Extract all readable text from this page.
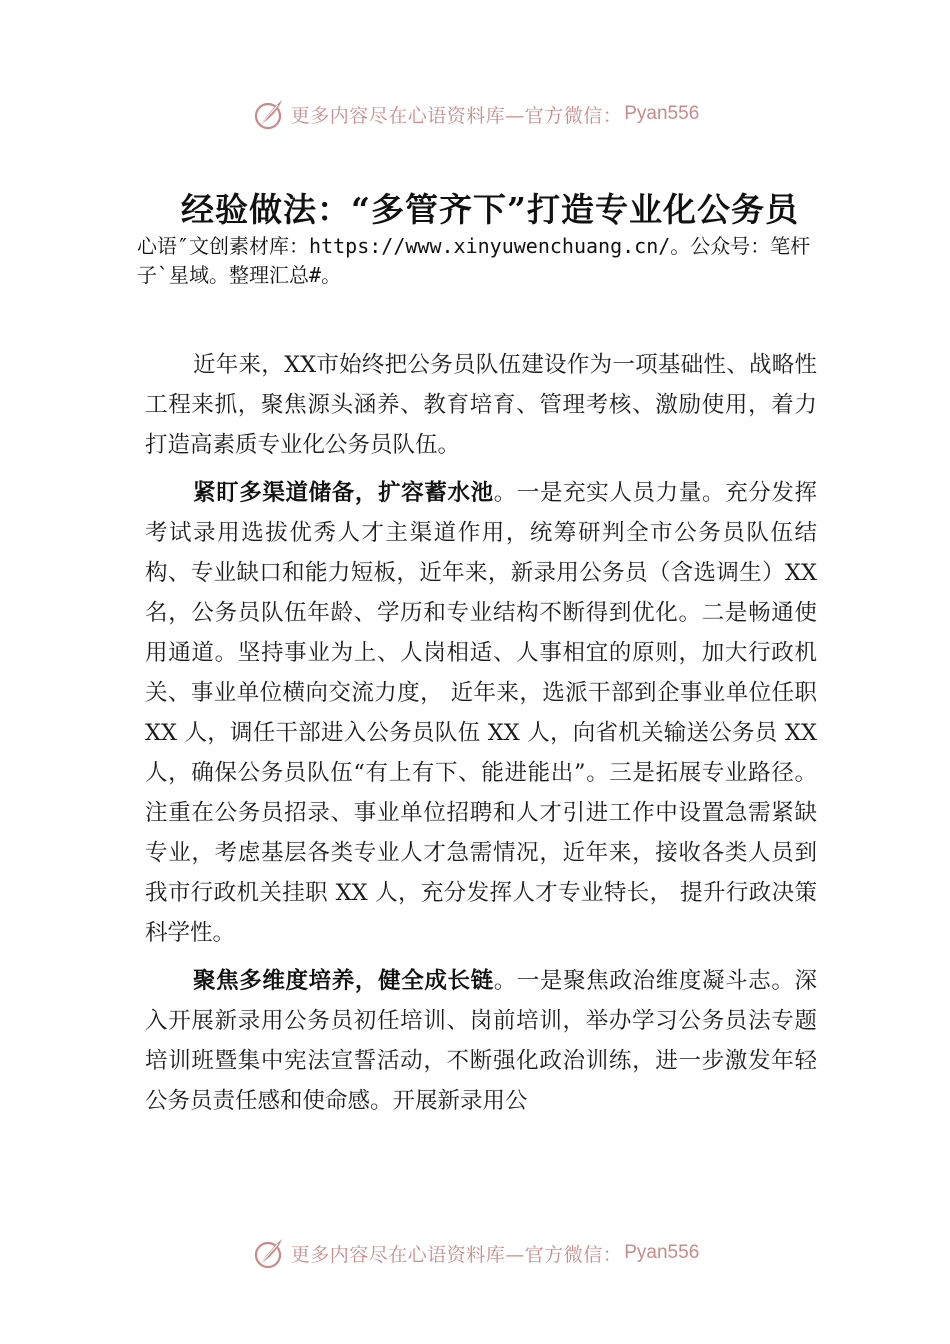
更多内容尽在心语资料库—官方微信： Pyan556
经验做法：“多管齐下”打造专业化公务员
心语″文创素材库：https://www.xinyuwenchuang.cn/。公众号：笔杆子`星域。整理汇总#。

近年来，XX市始终把公务员队伍建设作为一项基础性、战略性工程来抓，聚焦源头涵养、教育培育、管理考核、激励使用，着力打造高素质专业化公务员队伍。

紧盯多渠道储备，扩容蓄水池。一是充实人员力量。充分发挥考试录用选拔优秀人才主渠道作用，统筹研判全市公务员队伍结构、专业缺口和能力短板，近年来，新录用公务员（含选调生）XX名，公务员队伍年龄、学历和专业结构不断得到优化。二是畅通使用通道。坚持事业为上、人岗相适、人事相宜的原则，加大行政机关、事业单位横向交流力度， 近年来，选派干部到企事业单位任职 XX 人，调任干部进入公务员队伍 XX 人，向省机关输送公务员 XX 人，确保公务员队伍“有上有下、能进能出”。三是拓展专业路径。注重在公务员招录、事业单位招聘和人才引进工作中设置急需紧缺专业，考虑基层各类专业人才急需情况，近年来，接收各类人员到我市行政机关挂职 XX 人，充分发挥人才专业特长， 提升行政决策科学性。

聚焦多维度培养，健全成长链。一是聚焦政治维度凝斗志。深入开展新录用公务员初任培训、岗前培训，举办学习公务员法专题培训班暨集中宪法宣誓活动，不断强化政治训练，进一步激发年轻公务员责任感和使命感。开展新录用公

更多内容尽在心语资料库—官方微信： Pyan556
